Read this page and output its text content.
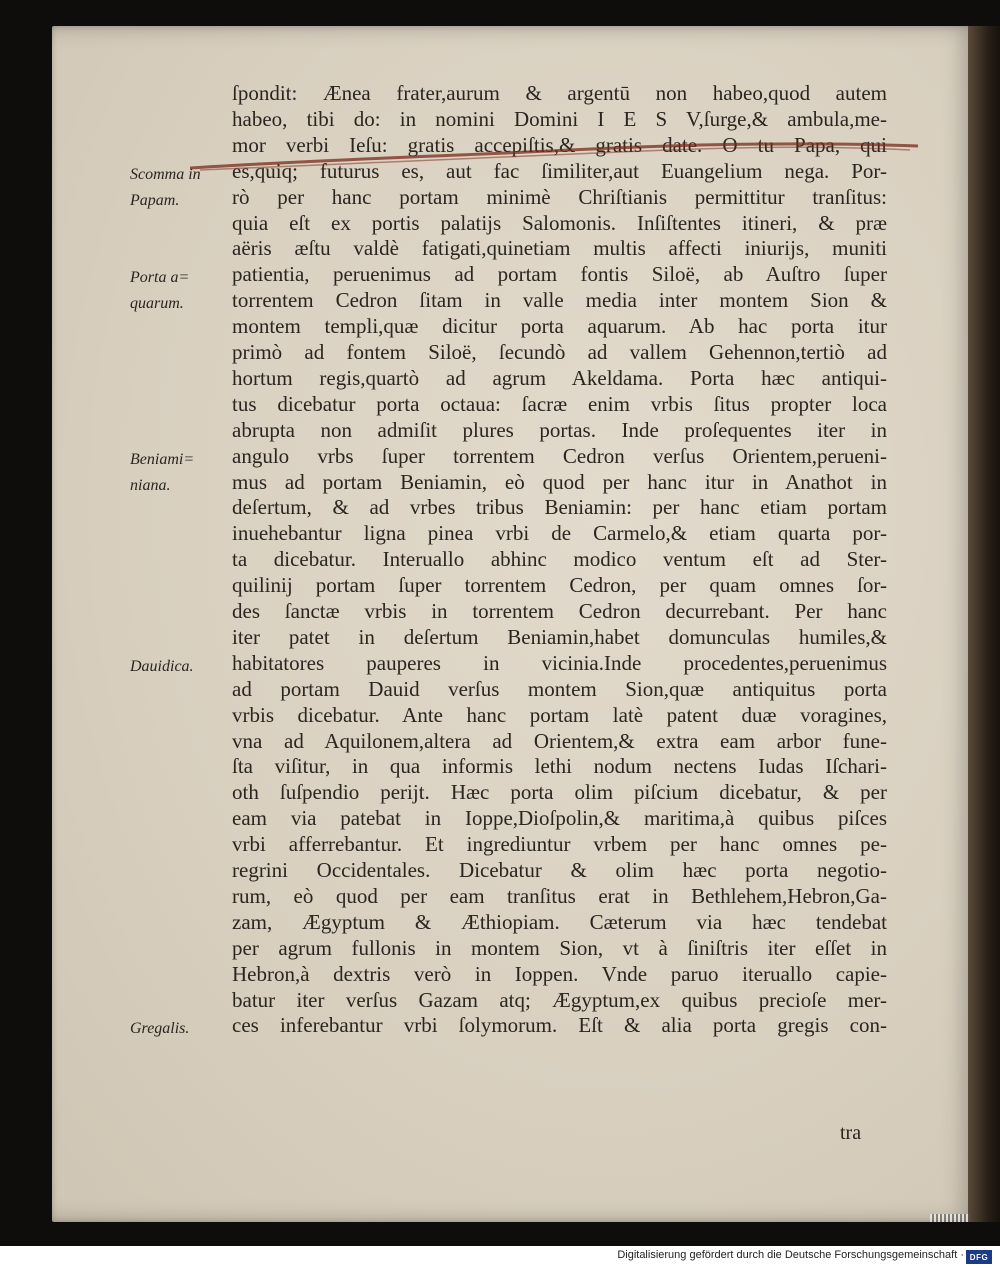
ſpondit: Ænea frater,aurum & argentū non habeo,quod autem
habeo, tibi do: in nomini Domini I E S V,ſurge,& ambula,me-
mor verbi Ieſu: gratis accepiſtis,& gratis date. O tu Papa, qui
es,quiq; futurus es, aut fac ſimiliter,aut Euangelium nega. Por-
rò per hanc portam minimè Chriſtianis permittitur tranſitus:
quia eſt ex portis palatijs Salomonis. Inſiſtentes itineri, & præ
aëris æſtu valdè fatigati,quinetiam multis affecti iniurijs, muniti
patientia, peruenimus ad portam fontis Siloë, ab Auſtro ſuper
torrentem Cedron ſitam in valle media inter montem Sion &
montem templi,quæ dicitur porta aquarum. Ab hac porta itur
primò ad fontem Siloë, ſecundò ad vallem Gehennon,tertiò ad
hortum regis,quartò ad agrum Akeldama. Porta hæc antiqui-
tus dicebatur porta octaua: ſacræ enim vrbis ſitus propter loca
abrupta non admiſit plures portas. Inde proſequentes iter in
angulo vrbs ſuper torrentem Cedron verſus Orientem,perueni-
mus ad portam Beniamin, eò quod per hanc itur in Anathot in
deſertum, & ad vrbes tribus Beniamin: per hanc etiam portam
inuehebantur ligna pinea vrbi de Carmelo,& etiam quarta por-
ta dicebatur. Interuallo abhinc modico ventum eſt ad Ster-
quilinij portam ſuper torrentem Cedron, per quam omnes ſor-
des ſanctæ vrbis in torrentem Cedron decurrebant. Per hanc
iter patet in deſertum Beniamin,habet domunculas humiles,&
habitatores pauperes in vicinia.Inde procedentes,peruenimus
ad portam Dauid verſus montem Sion,quæ antiquitus porta
vrbis dicebatur. Ante hanc portam latè patent duæ voragines,
vna ad Aquilonem,altera ad Orientem,& extra eam arbor fune-
ſta viſitur, in qua informis lethi nodum nectens Iudas Iſchari-
oth ſuſpendio perijt. Hæc porta olim piſcium dicebatur, & per
eam via patebat in Ioppe,Dioſpolin,& maritima,à quibus piſces
vrbi afferrebantur. Et ingrediuntur vrbem per hanc omnes pe-
regrini Occidentales. Dicebatur & olim hæc porta negotio-
rum, eò quod per eam tranſitus erat in Bethlehem,Hebron,Ga-
zam, Ægyptum & Æthiopiam. Cæterum via hæc tendebat
per agrum fullonis in montem Sion, vt à ſiniſtris iter eſſet in
Hebron,à dextris verò in Ioppen. Vnde paruo iteruallo capie-
batur iter verſus Gazam atq; Ægyptum,ex quibus precioſe mer-
ces inferebantur vrbi ſolymorum. Eſt & alia porta gregis con-
Scomma in
Papam.
Porta a=
quarum.
Beniami=
niana.
Dauidica.
Gregalis.
tra
Digitalisierung gefördert durch die Deutsche Forschungsgemeinschaft · DFG
